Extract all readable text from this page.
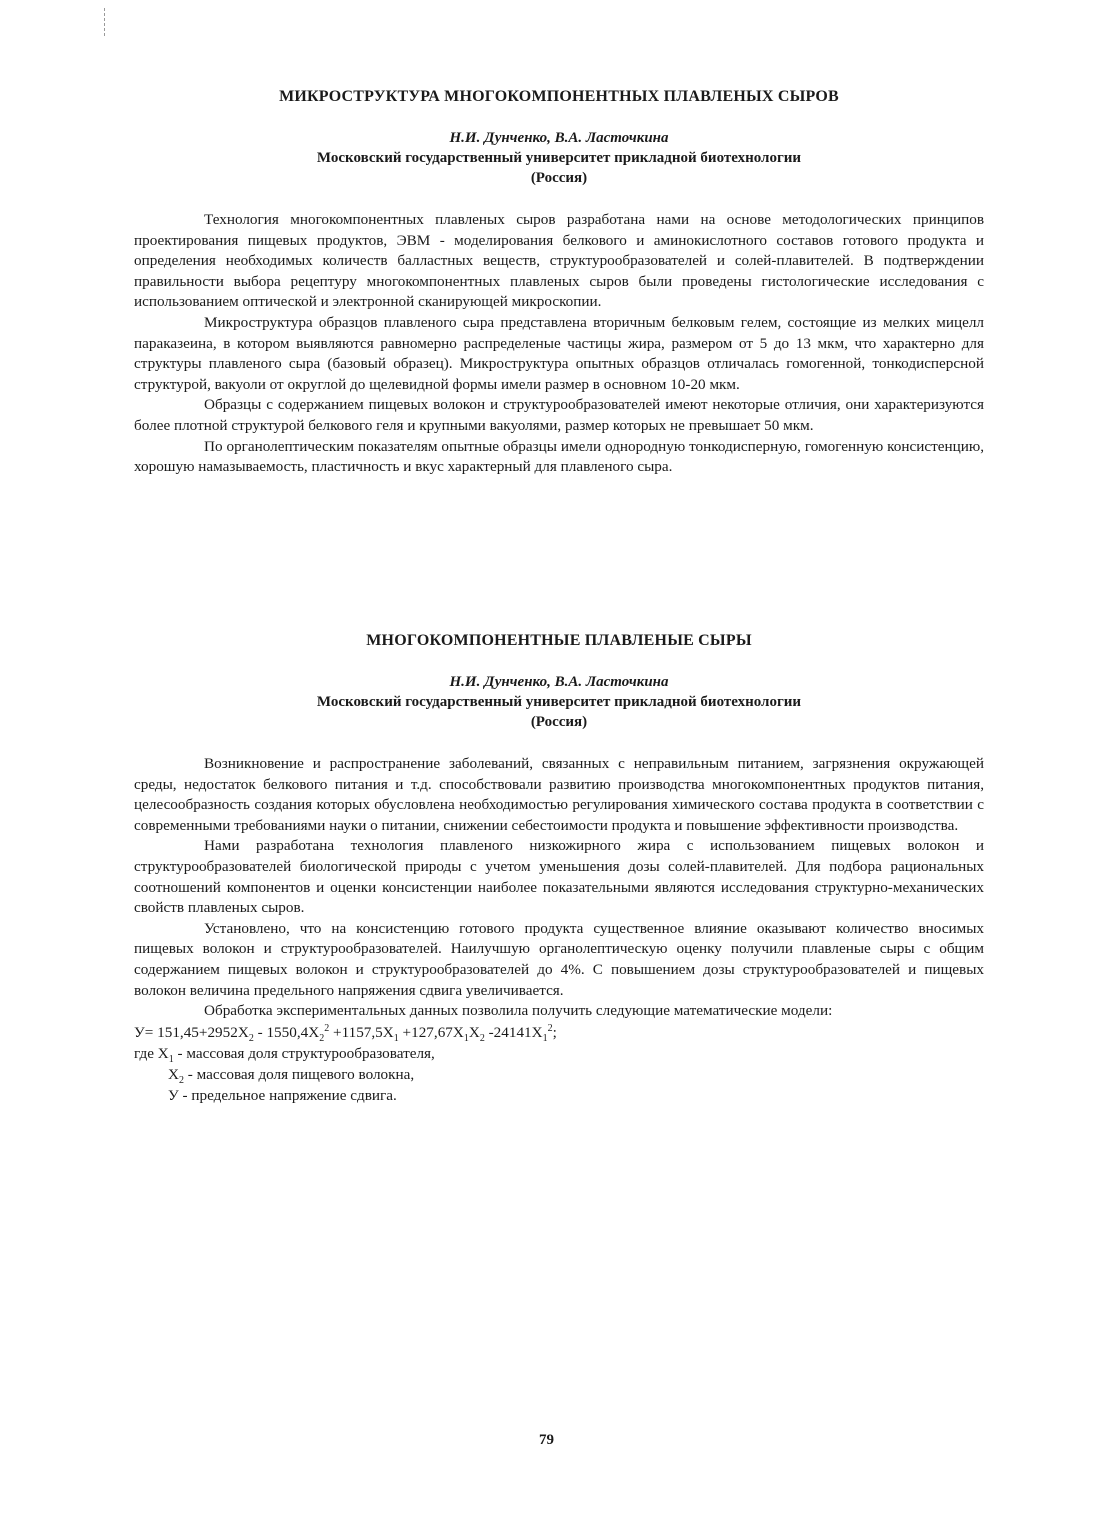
МИКРОСТРУКТУРА МНОГОКОМПОНЕНТНЫХ ПЛАВЛЕНЫХ СЫРОВ

Н.И. Дунченко, В.А. Ласточкина

Московский государственный университет прикладной биотехнологии

(Россия)

Технология многокомпонентных плавленых сыров разработана нами на основе методологических принципов проектирования пищевых продуктов, ЭВМ - моделирования белкового и аминокислотного составов готового продукта и определения необходимых количеств балластных веществ, структурообразователей и солей-плавителей. В подтверждении правильности выбора рецептуру многокомпонентных плавленых сыров были проведены гистологические исследования с использованием оптической и электронной сканирующей микроскопии.

Микроструктура образцов плавленого сыра представлена вторичным белковым гелем, состоящие из мелких мицелл параказеина, в котором выявляются равномерно распределеные частицы жира, размером от 5 до 13 мкм, что характерно для структуры плавленого сыра (базовый образец). Микроструктура опытных образцов отличалась гомогенной, тонкодисперсной структурой, вакуоли от округлой до щелевидной формы имели размер в основном 10-20 мкм.

Образцы с содержанием пищевых волокон и структурообразователей имеют некоторые отличия, они характеризуются более плотной структурой белкового геля и крупными вакуолями, размер которых не превышает 50 мкм.

По органолептическим показателям опытные образцы имели однородную тонкодисперную, гомогенную консистенцию, хорошую намазываемость, пластичность и вкус характерный для плавленого сыра.

МНОГОКОМПОНЕНТНЫЕ ПЛАВЛЕНЫЕ СЫРЫ

Н.И. Дунченко, В.А. Ласточкина

Московский государственный университет прикладной биотехнологии

(Россия)

Возникновение и распространение заболеваний, связанных с неправильным питанием, загрязнения окружающей среды, недостаток белкового питания и т.д. способствовали развитию производства многокомпонентных продуктов питания, целесообразность создания которых обусловлена необходимостью регулирования химического состава продукта в соответствии с современными требованиями науки о питании, снижении себестоимости продукта и повышение эффективности производства.

Нами разработана технология плавленого низкожирного жира с использованием пищевых волокон и структурообразователей биологической природы с учетом уменьшения дозы солей-плавителей. Для подбора рациональных соотношений компонентов и оценки консистенции наиболее показательными являются исследования структурно-механических свойств плавленых сыров.

Установлено, что на консистенцию готового продукта существенное влияние оказывают количество вносимых пищевых волокон и структурообразователей. Наилучшую органолептическую оценку получили плавленые сыры с общим содержанием пищевых волокон и структурообразователей до 4%. С повышением дозы структурообразователей и пищевых волокон величина предельного напряжения сдвига увеличивается.

Обработка экспериментальных данных позволила получить следующие математические модели:

$У= 151,45+2952X_2 - 1550,4X_2^2 +1157,5X_1 +127,67X_1X_2$ $-24141X_1^2$;

где $X_1$ - массовая доля структурообразователя,

$X_2$ - массовая доля пищевого волокна,

У - предельное напряжение сдвига.

79
